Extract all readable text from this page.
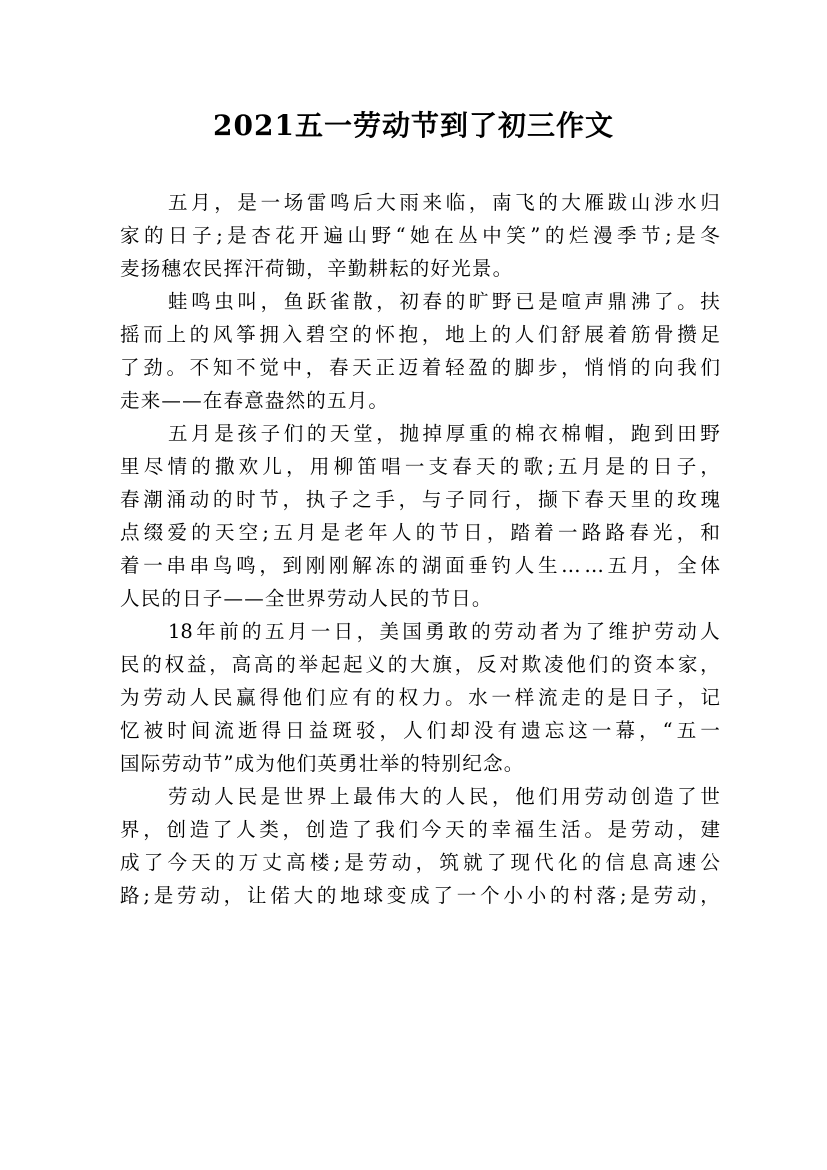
2021五一劳动节到了初三作文
五 月 ， 是 一 场 雷 鸣 后 大 雨 来 临 ， 南 飞 的 大 雁 跋 山 涉 水 归
家 的 日 子 ; 是 杏 花 开 遍 山 野 “ 她 在 丛 中 笑 ” 的 烂 漫 季 节 ; 是 冬
麦扬穗农民挥汗荷锄，辛勤耕耘的好光景。
蛙 鸣 虫 叫 ， 鱼 跃 雀 散 ， 初 春 的 旷 野 已 是 喧 声 鼎 沸 了 。 扶
摇 而 上 的 风 筝 拥 入 碧 空 的 怀 抱 ， 地 上 的 人 们 舒 展 着 筋 骨 攒 足
了 劲 。 不 知 不 觉 中 ， 春 天 正 迈 着 轻 盈 的 脚 步 ， 悄 悄 的 向 我 们
走来——在春意盎然的五月。
五 月 是 孩 子 们 的 天 堂 ， 抛 掉 厚 重 的 棉 衣 棉 帽 ， 跑 到 田 野
里 尽 情 的 撒 欢 儿 ， 用 柳 笛 唱 一 支 春 天 的 歌 ; 五 月 是 的 日 子 ，
春 潮 涌 动 的 时 节 ， 执 子 之 手 ， 与 子 同 行 ， 撷 下 春 天 里 的 玫 瑰
点 缀 爱 的 天 空 ; 五 月 是 老 年 人 的 节 日 ， 踏 着 一 路 路 春 光 ， 和
着 一 串 串 鸟 鸣 ， 到 刚 刚 解 冻 的 湖 面 垂 钓 人 生 … … 五 月 ， 全 体
人民的日子——全世界劳动人民的节日。
18 年 前 的 五 月 一 日 ， 美 国 勇 敢 的 劳 动 者 为 了 维 护 劳 动 人
民 的 权 益 ， 高 高 的 举 起 起 义 的 大 旗 ， 反 对 欺 凌 他 们 的 资 本 家 ，
为 劳 动 人 民 赢 得 他 们 应 有 的 权 力 。 水 一 样 流 走 的 是 日 子 ， 记
忆 被 时 间 流 逝 得 日 益 斑 驳 ， 人 们 却 没 有 遗 忘 这 一 幕 ， “ 五 一
国际劳动节”成为他们英勇壮举的特别纪念。
劳 动 人 民 是 世 界 上 最 伟 大 的 人 民 ， 他 们 用 劳 动 创 造 了 世
界 ， 创 造 了 人 类 ， 创 造 了 我 们 今 天 的 幸 福 生 活 。 是 劳 动 ， 建
成 了 今 天 的 万 丈 高 楼 ; 是 劳 动 ， 筑 就 了 现 代 化 的 信 息 高 速 公
路 ; 是 劳 动 ， 让 偌 大 的 地 球 变 成 了 一 个 小 小 的 村 落 ; 是 劳 动 ，
